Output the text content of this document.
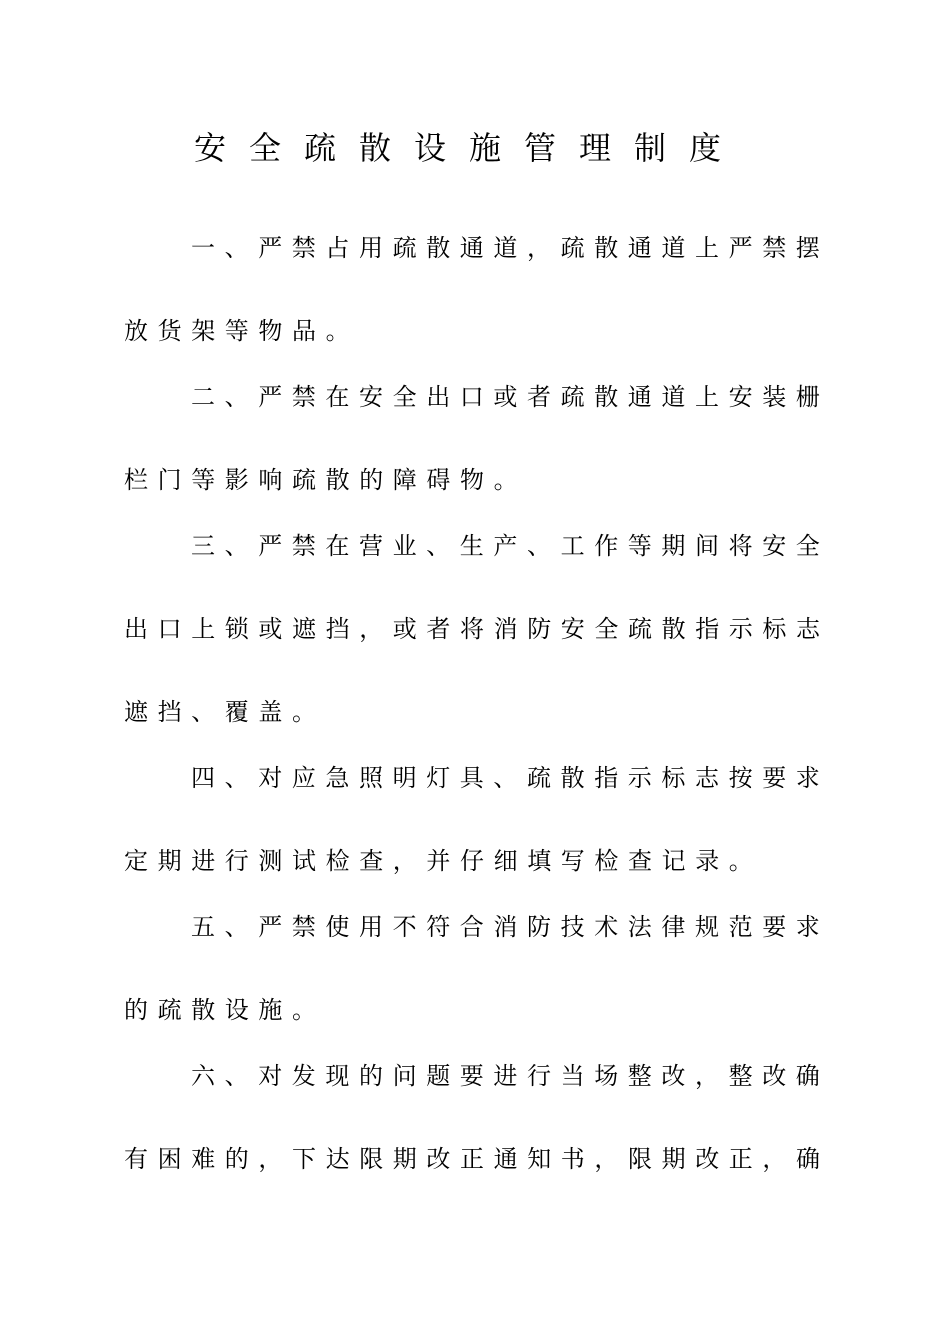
安全疏散设施管理制度

一、严禁占用疏散通道，疏散通道上严禁摆

放货架等物品。

二、严禁在安全出口或者疏散通道上安装栅

栏门等影响疏散的障碍物。

三、严禁在营业、生产、工作等期间将安全

出口上锁或遮挡，或者将消防安全疏散指示标志

遮挡、覆盖。

四、对应急照明灯具、疏散指示标志按要求

定期进行测试检查，并仔细填写检查记录。

五、严禁使用不符合消防技术法律规范要求

的疏散设施。

六、对发现的问题要进行当场整改，整改确

有困难的，下达限期改正通知书，限期改正，确
